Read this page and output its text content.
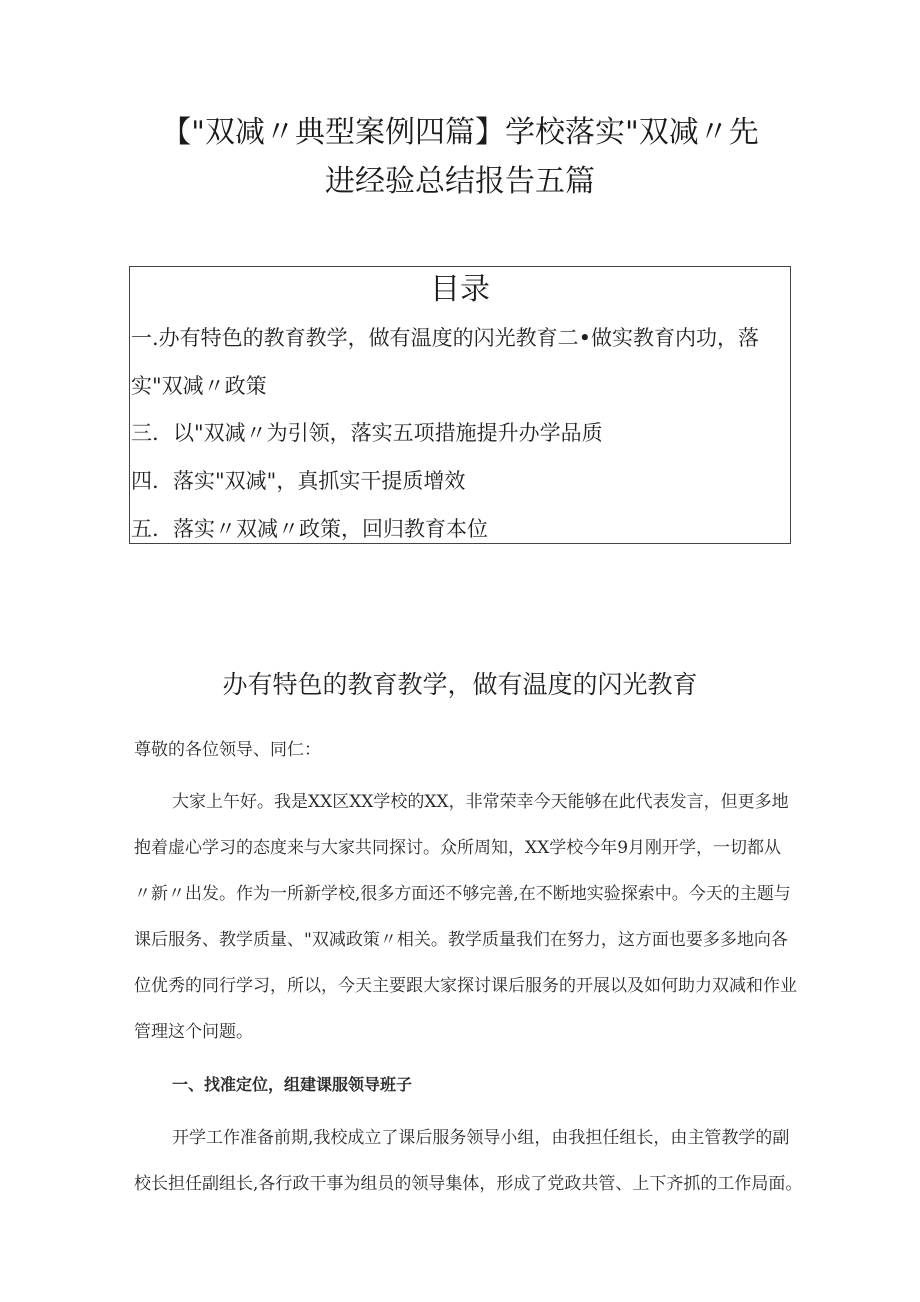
【"双减〃典型案例四篇】学校落实"双减〃先
进经验总结报告五篇
目录
一.办有特色的教育教学，做有温度的闪光教育二•做实教育内功，落
实"双减〃政策
三. 以"双减〃为引领，落实五项措施提升办学品质
四. 落实"双减"，真抓实干提质增效
五. 落实〃双减〃政策，回归教育本位
办有特色的教育教学，做有温度的闪光教育
尊敬的各位领导、同仁：
大家上午好。我是XX区XX学校的XX，非常荣幸今天能够在此代表发言，但更多地
抱着虚心学习的态度来与大家共同探讨。众所周知，XX学校今年9月刚开学，一切都从
〃新〃出发。作为一所新学校,很多方面还不够完善,在不断地实验探索中。今天的主题与
课后服务、教学质量、"双减政策〃相关。教学质量我们在努力，这方面也要多多地向各
位优秀的同行学习，所以，今天主要跟大家探讨课后服务的开展以及如何助力双减和作业
管理这个问题。
一、找准定位，组建课服领导班子
开学工作准备前期,我校成立了课后服务领导小组，由我担任组长，由主管教学的副
校长担任副组长,各行政干事为组员的领导集体，形成了党政共管、上下齐抓的工作局面。
